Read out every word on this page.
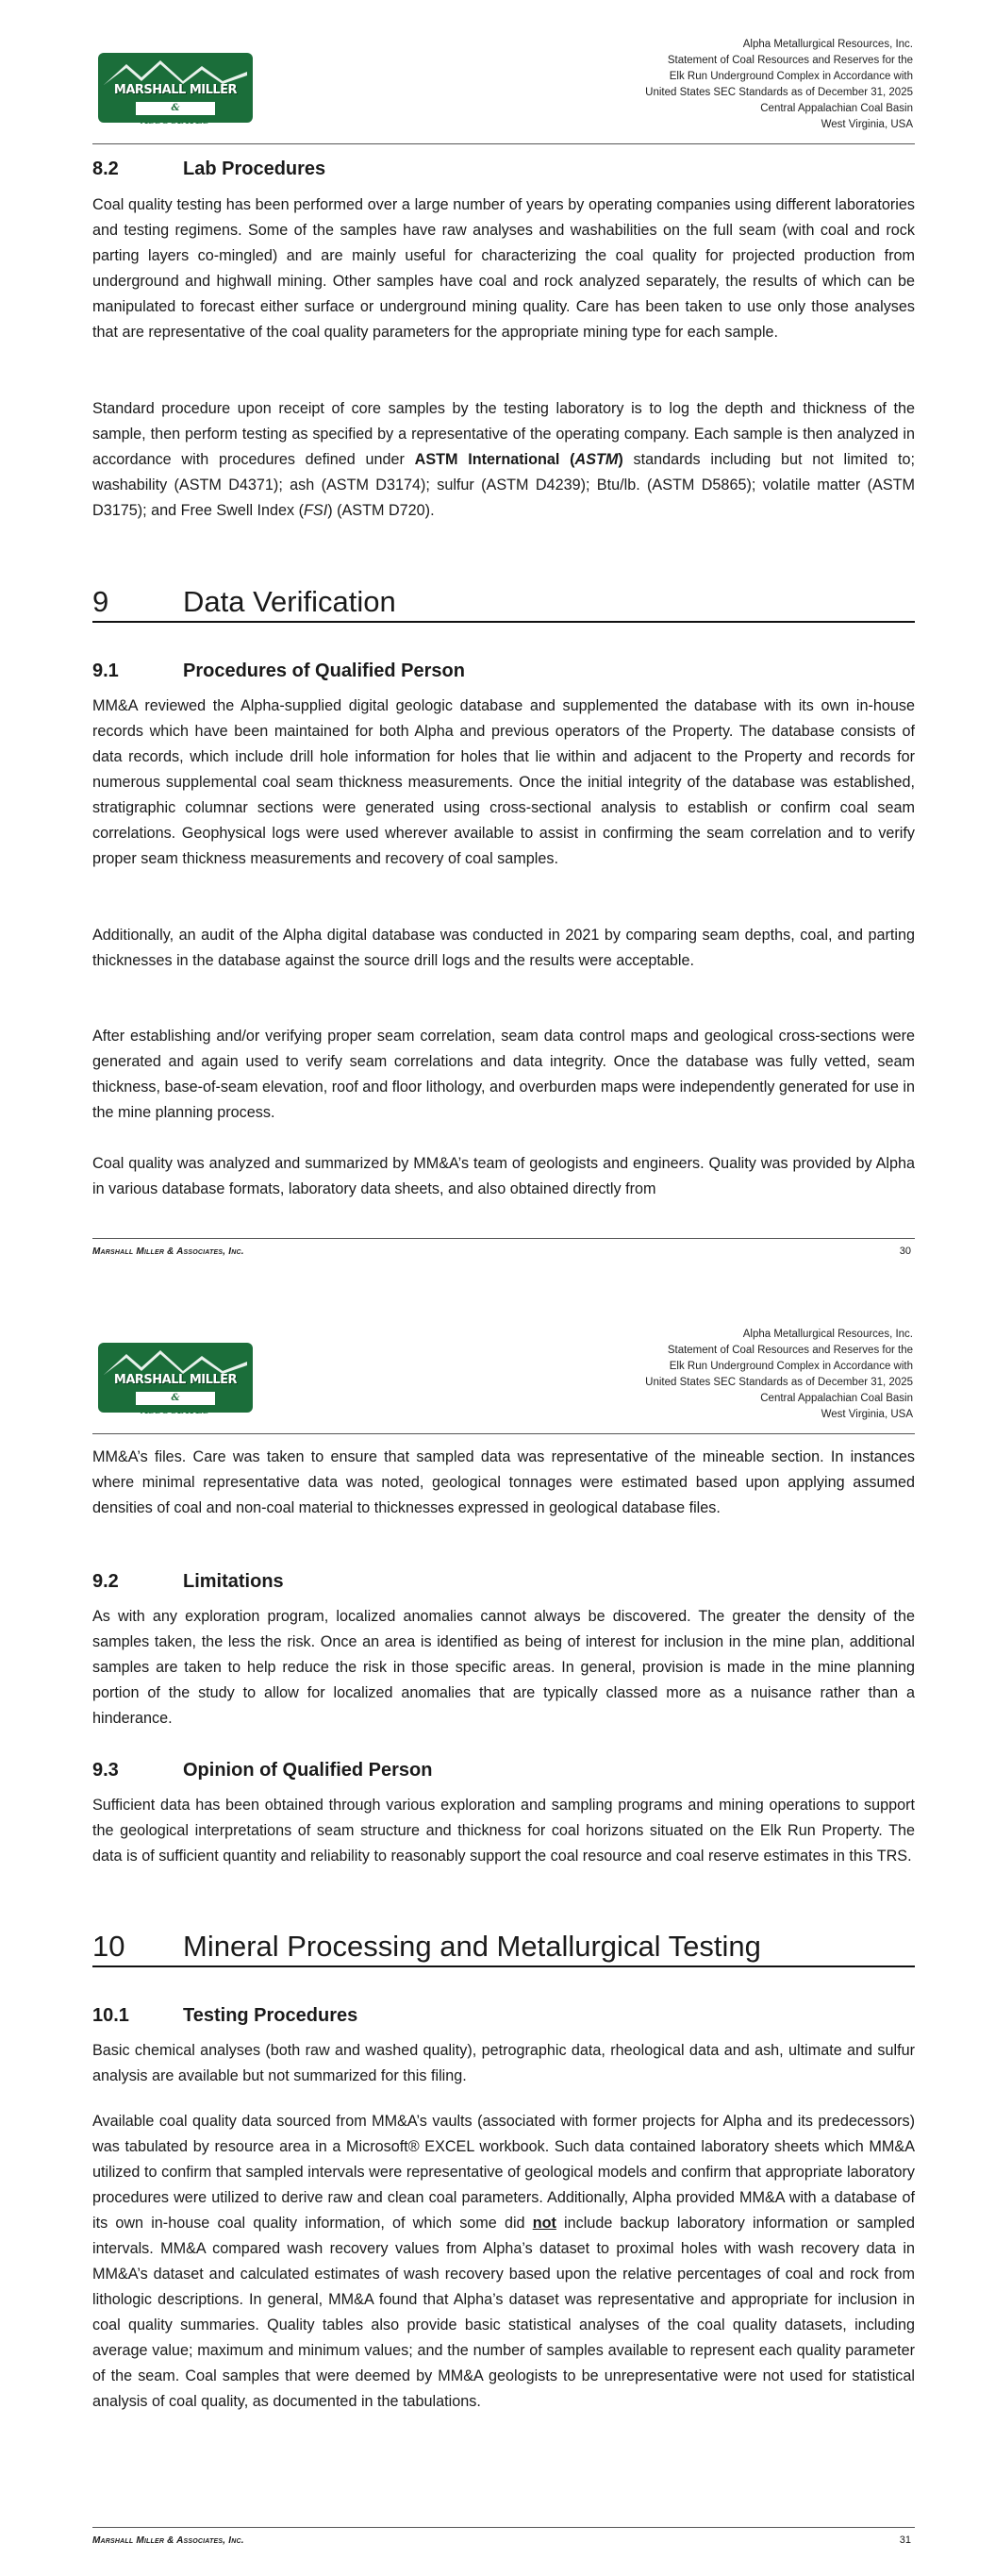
MARSHALL MILLER
& ASSOCIATES
Alpha Metallurgical Resources, Inc.
Statement of Coal Resources and Reserves for the
Elk Run Underground Complex in Accordance with
United States SEC Standards as of December 31, 2025
Central Appalachian Coal Basin
West Virginia, USA
8.2	Lab Procedures

Coal quality testing has been performed over a large number of years by operating companies using different laboratories and testing regimens. Some of the samples have raw analyses and washabilities on the full seam (with coal and rock parting layers co-mingled) and are mainly useful for characterizing the coal quality for projected production from underground and highwall mining. Other samples have coal and rock analyzed separately, the results of which can be manipulated to forecast either surface or underground mining quality. Care has been taken to use only those analyses that are representative of the coal quality parameters for the appropriate mining type for each sample.

Standard procedure upon receipt of core samples by the testing laboratory is to log the depth and thickness of the sample, then perform testing as specified by a representative of the operating company. Each sample is then analyzed in accordance with procedures defined under ASTM International (ASTM) standards including but not limited to; washability (ASTM D4371); ash (ASTM D3174); sulfur (ASTM D4239); Btu/lb. (ASTM D5865); volatile matter (ASTM D3175); and Free Swell Index (FSI) (ASTM D720).

9	Data Verification
9.1	Procedures of Qualified Person

MM&A reviewed the Alpha-supplied digital geologic database and supplemented the database with its own in-house records which have been maintained for both Alpha and previous operators of the Property. The database consists of data records, which include drill hole information for holes that lie within and adjacent to the Property and records for numerous supplemental coal seam thickness measurements. Once the initial integrity of the database was established, stratigraphic columnar sections were generated using cross-sectional analysis to establish or confirm coal seam correlations. Geophysical logs were used wherever available to assist in confirming the seam correlation and to verify proper seam thickness measurements and recovery of coal samples.

Additionally, an audit of the Alpha digital database was conducted in 2021 by comparing seam depths, coal, and parting thicknesses in the database against the source drill logs and the results were acceptable.

After establishing and/or verifying proper seam correlation, seam data control maps and geological cross-sections were generated and again used to verify seam correlations and data integrity. Once the database was fully vetted, seam thickness, base-of-seam elevation, roof and floor lithology, and overburden maps were independently generated for use in the mine planning process.

Coal quality was analyzed and summarized by MM&A’s team of geologists and engineers. Quality was provided by Alpha in various database formats, laboratory data sheets, and also obtained directly from

Marshall Miller & Associates, Inc.	30
MARSHALL MILLER
& ASSOCIATES
Alpha Metallurgical Resources, Inc.
Statement of Coal Resources and Reserves for the
Elk Run Underground Complex in Accordance with
United States SEC Standards as of December 31, 2025
Central Appalachian Coal Basin
West Virginia, USA

MM&A’s files. Care was taken to ensure that sampled data was representative of the mineable section. In instances where minimal representative data was noted, geological tonnages were estimated based upon applying assumed densities of coal and non-coal material to thicknesses expressed in geological database files.

9.2	Limitations

As with any exploration program, localized anomalies cannot always be discovered. The greater the density of the samples taken, the less the risk. Once an area is identified as being of interest for inclusion in the mine plan, additional samples are taken to help reduce the risk in those specific areas. In general, provision is made in the mine planning portion of the study to allow for localized anomalies that are typically classed more as a nuisance rather than a hinderance.

9.3	Opinion of Qualified Person

Sufficient data has been obtained through various exploration and sampling programs and mining operations to support the geological interpretations of seam structure and thickness for coal horizons situated on the Elk Run Property. The data is of sufficient quantity and reliability to reasonably support the coal resource and coal reserve estimates in this TRS.

10 Mineral Processing and Metallurgical Testing
10.1	Testing Procedures

Basic chemical analyses (both raw and washed quality), petrographic data, rheological data and ash, ultimate and sulfur analysis are available but not summarized for this filing.

Available coal quality data sourced from MM&A’s vaults (associated with former projects for Alpha and its predecessors) was tabulated by resource area in a Microsoft® EXCEL workbook. Such data contained laboratory sheets which MM&A utilized to confirm that sampled intervals were representative of geological models and confirm that appropriate laboratory procedures were utilized to derive raw and clean coal parameters. Additionally, Alpha provided MM&A with a database of its own in-house coal quality information, of which some did not include backup laboratory information or sampled intervals. MM&A compared wash recovery values from Alpha’s dataset to proximal holes with wash recovery data in MM&A’s dataset and calculated estimates of wash recovery based upon the relative percentages of coal and rock from lithologic descriptions. In general, MM&A found that Alpha’s dataset was representative and appropriate for inclusion in coal quality summaries. Quality tables also provide basic statistical analyses of the coal quality datasets, including average value; maximum and minimum values; and the number of samples available to represent each quality parameter of the seam. Coal samples that were deemed by MM&A geologists to be unrepresentative were not used for statistical analysis of coal quality, as documented in the tabulations.

Marshall Miller & Associates, Inc.	31
